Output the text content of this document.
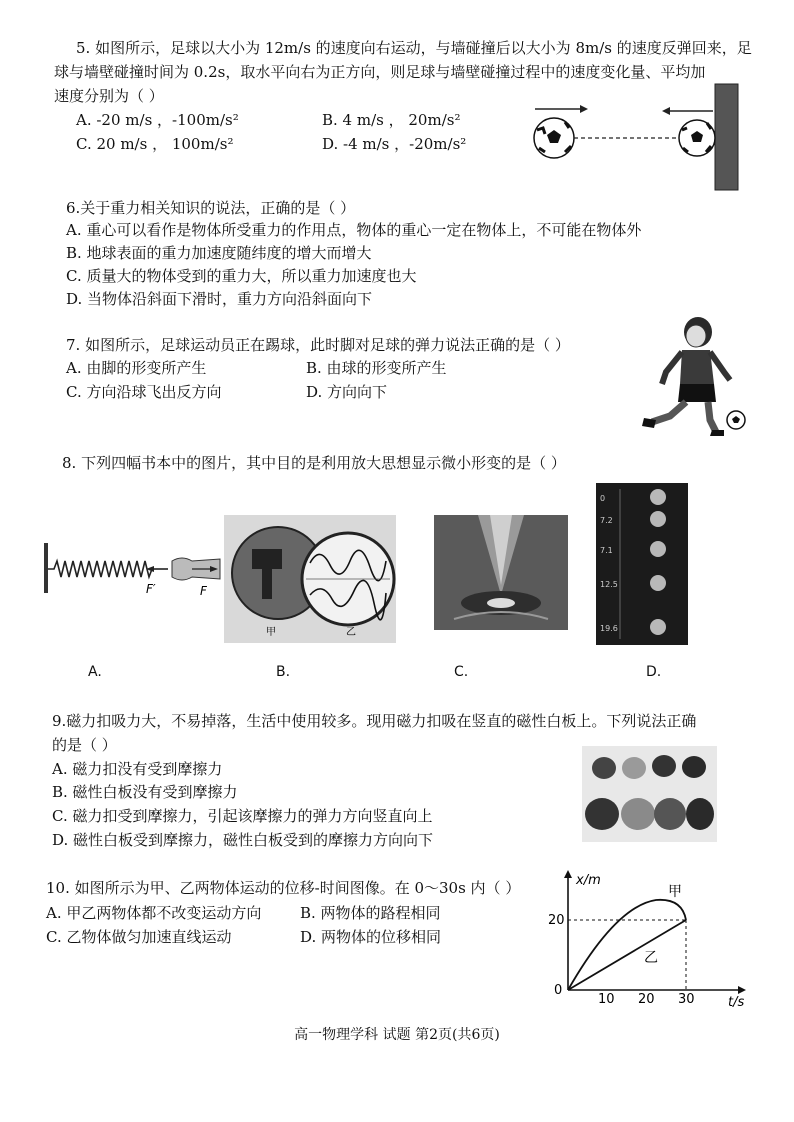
5. 如图所示，足球以大小为 12m/s 的速度向右运动，与墙碰撞后以大小为 8m/s 的速度反弹回来，足
球与墙壁碰撞时间为 0.2s，取水平向右为正方向，则足球与墙壁碰撞过程中的速度变化量、平均加
速度分别为（ ）
A. -20 m/s ，-100m/s²	B. 4 m/s ， 20m/s²
C. 20 m/s ， 100m/s²	D. -4 m/s ，-20m/s²
6.关于重力相关知识的说法，正确的是（ ）
A. 重心可以看作是物体所受重力的作用点，物体的重心一定在物体上，不可能在物体外
B. 地球表面的重力加速度随纬度的增大而增大
C. 质量大的物体受到的重力大，所以重力加速度也大
D. 当物体沿斜面下滑时，重力方向沿斜面向下
7. 如图所示，足球运动员正在踢球，此时脚对足球的弹力说法正确的是（ ）
A. 由脚的形变所产生	B. 由球的形变所产生
C. 方向沿球飞出反方向	D. 方向向下
8. 下列四幅书本中的图片，其中目的是利用放大思想显示微小形变的是（ ）
F′	F
甲	乙
0
7.2
7.1
12.5
19.6
A.	B.	C.	D.
9.磁力扣吸力大，不易掉落，生活中使用较多。现用磁力扣吸在竖直的磁性白板上。下列说法正确
的是（ ）
A. 磁力扣没有受到摩擦力
B. 磁性白板没有受到摩擦力
C. 磁力扣受到摩擦力，引起该摩擦力的弹力方向竖直向上
D. 磁性白板受到摩擦力，磁性白板受到的摩擦力方向向下
10. 如图所示为甲、乙两物体运动的位移-时间图像。在 0～30s 内（ ）
A. 甲乙两物体都不改变运动方向	B. 两物体的路程相同
C. 乙物体做匀加速直线运动	D. 两物体的位移相同
x/m
t/s
0
20
10 20 30
甲
乙
高一物理学科 试题 第2页(共6页)
